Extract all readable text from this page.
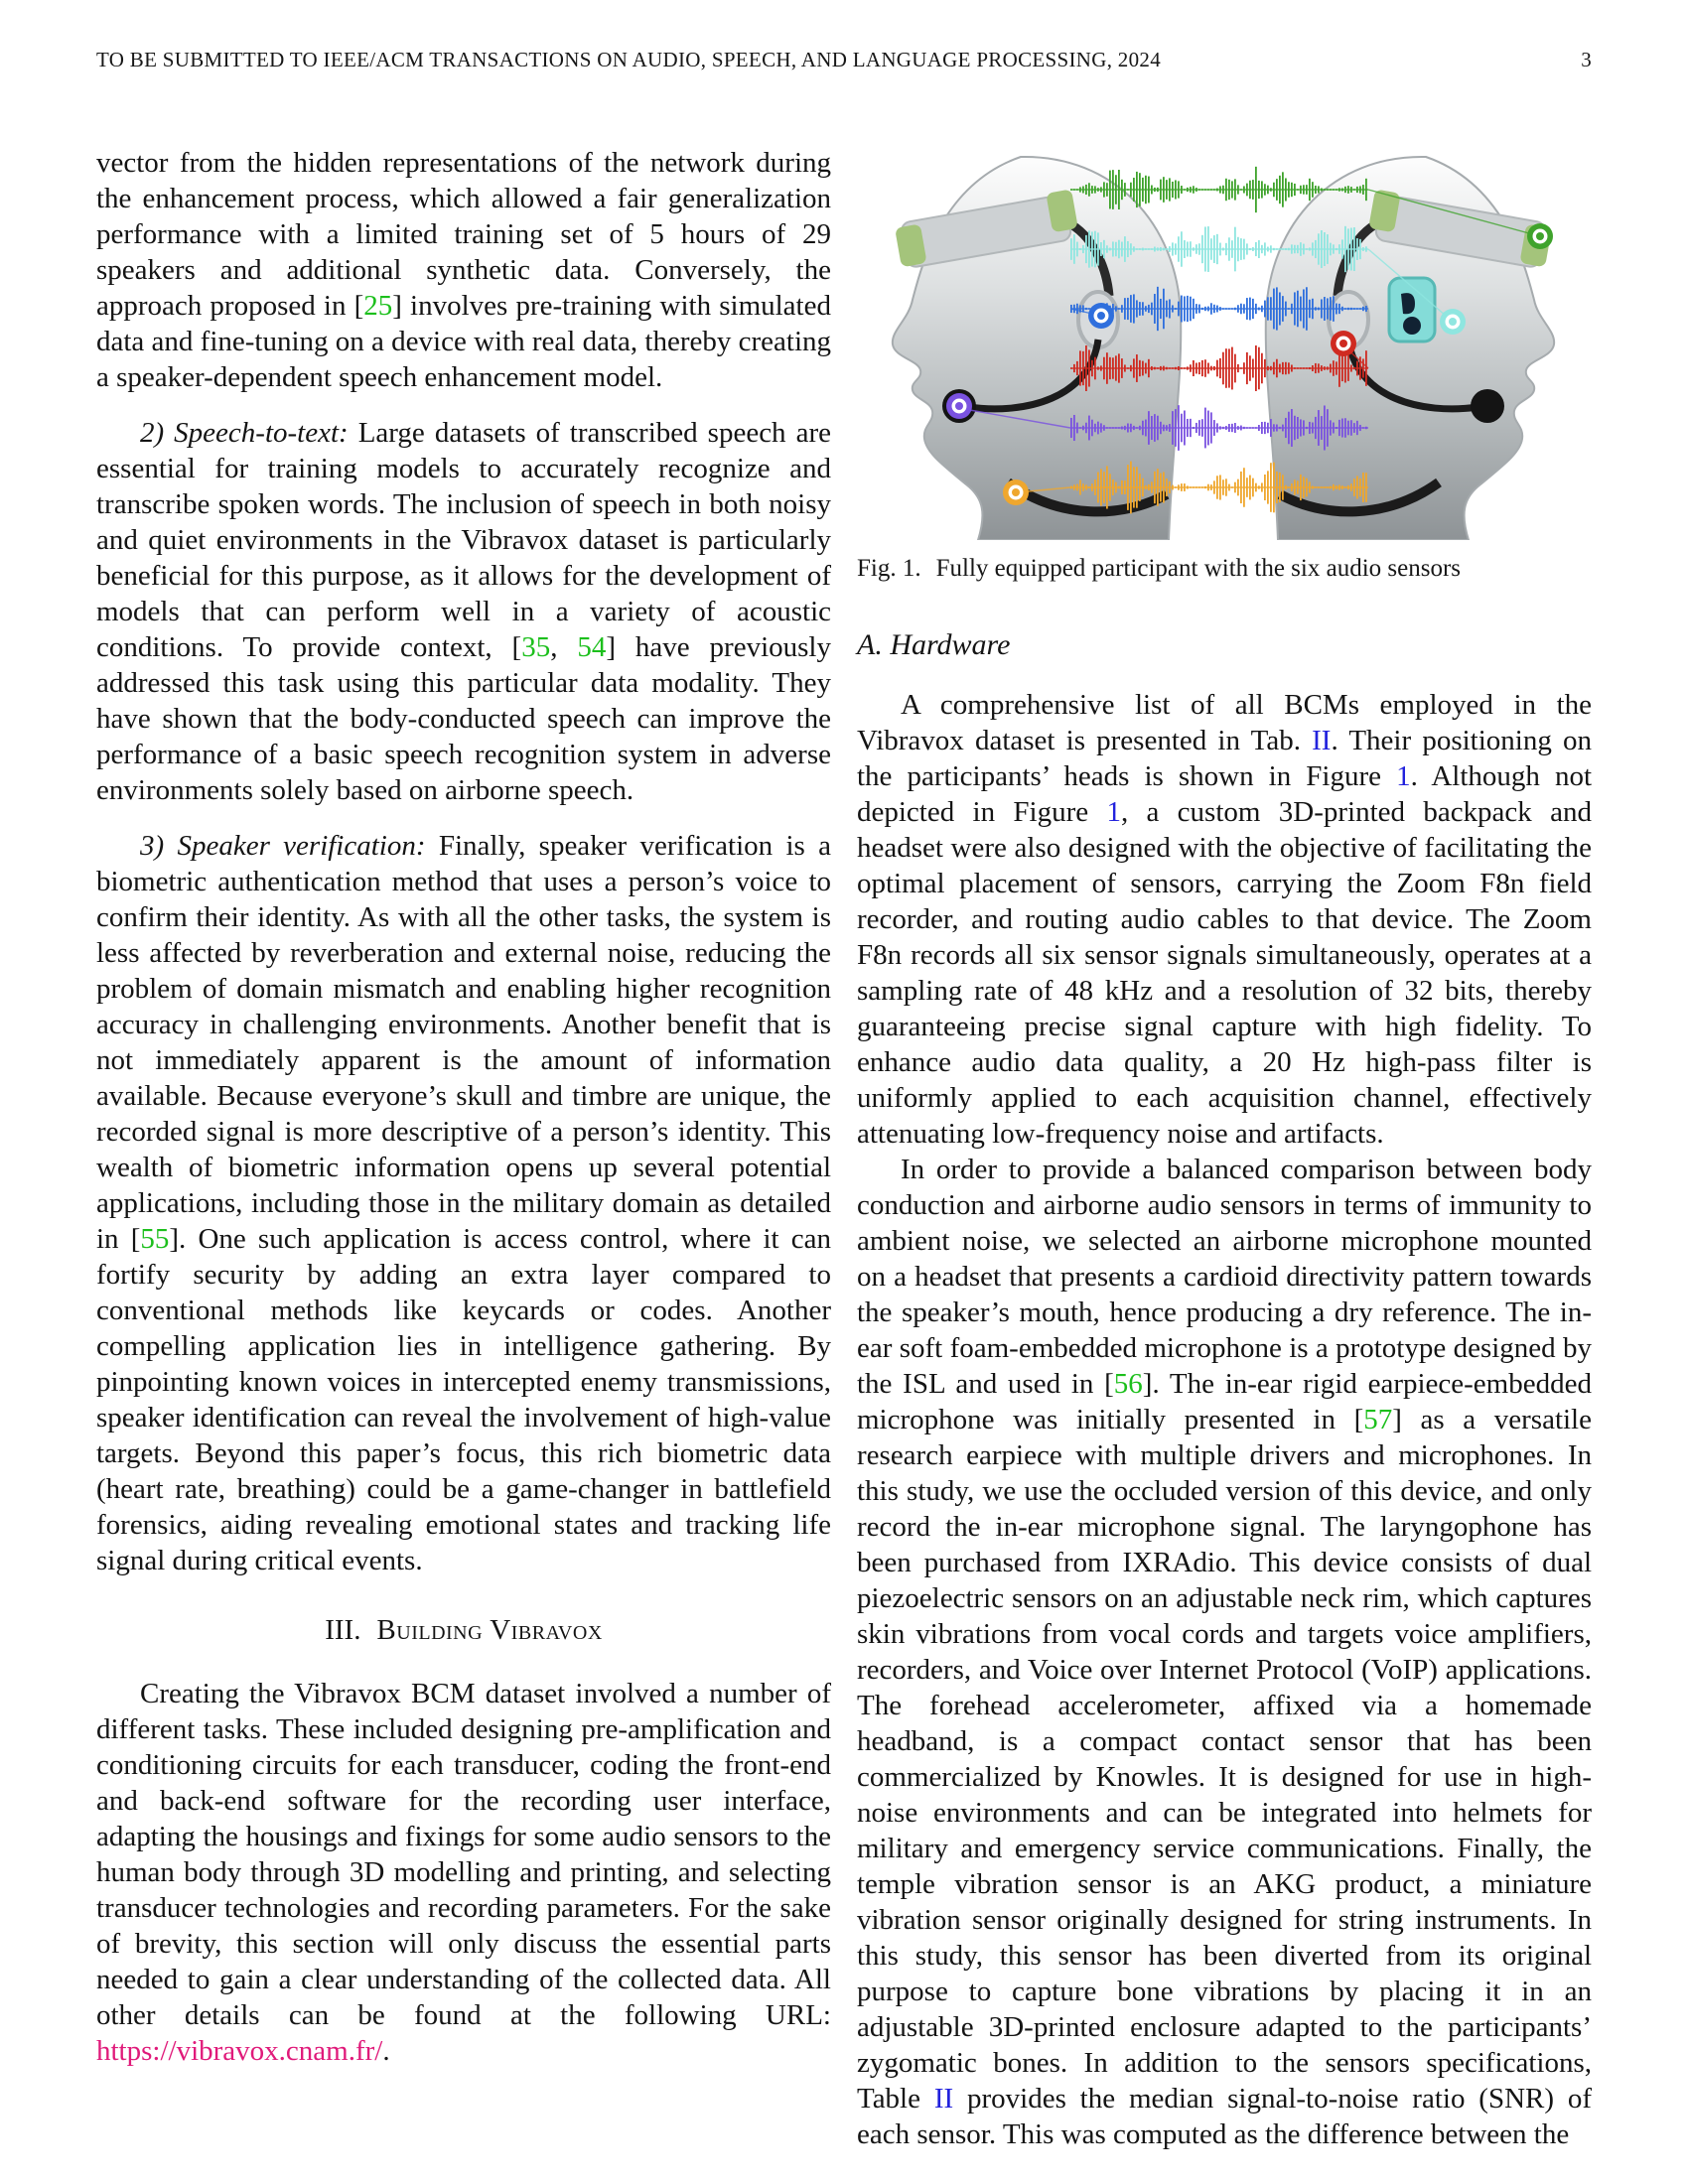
TO BE SUBMITTED TO IEEE/ACM TRANSACTIONS ON AUDIO, SPEECH, AND LANGUAGE PROCESSING, 2024	3

vector from the hidden representations of the network during the enhancement process, which allowed a fair generalization performance with a limited training set of 5 hours of 29 speakers and additional synthetic data. Conversely, the approach proposed in [25] involves pre-training with simulated data and fine-tuning on a device with real data, thereby creating a speaker-dependent speech enhancement model.

2) Speech-to-text: Large datasets of transcribed speech are essential for training models to accurately recognize and transcribe spoken words. The inclusion of speech in both noisy and quiet environments in the Vibravox dataset is particularly beneficial for this purpose, as it allows for the development of models that can perform well in a variety of acoustic conditions. To provide context, [35, 54] have previously addressed this task using this particular data modality. They have shown that the body-conducted speech can improve the performance of a basic speech recognition system in adverse environments solely based on airborne speech.

3) Speaker verification: Finally, speaker verification is a biometric authentication method that uses a person’s voice to confirm their identity. As with all the other tasks, the system is less affected by reverberation and external noise, reducing the problem of domain mismatch and enabling higher recognition accuracy in challenging environments. Another benefit that is not immediately apparent is the amount of information available. Because everyone’s skull and timbre are unique, the recorded signal is more descriptive of a person’s identity. This wealth of biometric information opens up several potential applications, including those in the military domain as detailed in [55]. One such application is access control, where it can fortify security by adding an extra layer compared to conventional methods like keycards or codes. Another compelling application lies in intelligence gathering. By pinpointing known voices in intercepted enemy transmissions, speaker identification can reveal the involvement of high-value targets. Beyond this paper’s focus, this rich biometric data (heart rate, breathing) could be a game-changer in battlefield forensics, aiding revealing emotional states and tracking life signal during critical events.

III. Building Vibravox

Creating the Vibravox BCM dataset involved a number of different tasks. These included designing pre-amplification and conditioning circuits for each transducer, coding the front-end and back-end software for the recording user interface, adapting the housings and fixings for some audio sensors to the human body through 3D modelling and printing, and selecting transducer technologies and recording parameters. For the sake of brevity, this section will only discuss the essential parts needed to gain a clear understanding of the collected data. All other details can be found at the following URL: https://vibravox.cnam.fr/.

Fig. 1. Fully equipped participant with the six audio sensors
A. Hardware

A comprehensive list of all BCMs employed in the Vibravox dataset is presented in Tab. II. Their positioning on the participants’ heads is shown in Figure 1. Although not depicted in Figure 1, a custom 3D-printed backpack and headset were also designed with the objective of facilitating the optimal placement of sensors, carrying the Zoom F8n field recorder, and routing audio cables to that device. The Zoom F8n records all six sensor signals simultaneously, operates at a sampling rate of 48 kHz and a resolution of 32 bits, thereby guaranteeing precise signal capture with high fidelity. To enhance audio data quality, a 20 Hz high-pass filter is uniformly applied to each acquisition channel, effectively attenuating low-frequency noise and artifacts.

In order to provide a balanced comparison between body conduction and airborne audio sensors in terms of immunity to ambient noise, we selected an airborne microphone mounted on a headset that presents a cardioid directivity pattern towards the speaker’s mouth, hence producing a dry reference. The in-ear soft foam-embedded microphone is a prototype designed by the ISL and used in [56]. The in-ear rigid earpiece-embedded microphone was initially presented in [57] as a versatile research earpiece with multiple drivers and microphones. In this study, we use the occluded version of this device, and only record the in-ear microphone signal. The laryngophone has been purchased from IXRAdio. This device consists of dual piezoelectric sensors on an adjustable neck rim, which captures skin vibrations from vocal cords and targets voice amplifiers, recorders, and Voice over Internet Protocol (VoIP) applications. The forehead accelerometer, affixed via a homemade headband, is a compact contact sensor that has been commercialized by Knowles. It is designed for use in high-noise environments and can be integrated into helmets for military and emergency service communications. Finally, the temple vibration sensor is an AKG product, a miniature vibration sensor originally designed for string instruments. In this study, this sensor has been diverted from its original purpose to capture bone vibrations by placing it in an adjustable 3D-printed enclosure adapted to the participants’ zygomatic bones. In addition to the sensors specifications, Table II provides the median signal-to-noise ratio (SNR) of each sensor. This was computed as the difference between the
